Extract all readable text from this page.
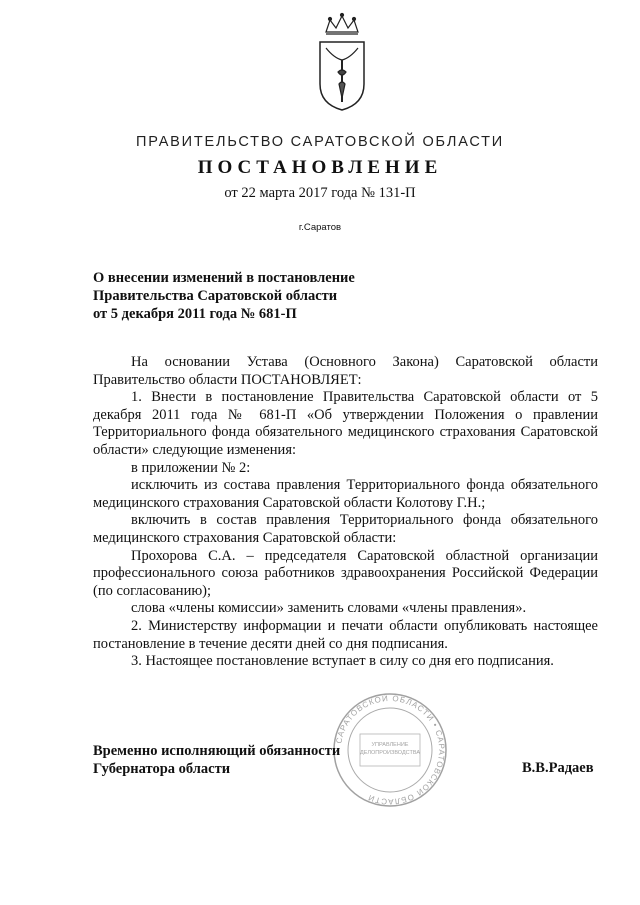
ПРАВИТЕЛЬСТВО САРАТОВСКОЙ ОБЛАСТИ
ПОСТАНОВЛЕНИЕ
от 22 марта 2017 года № 131-П
г.Саратов
О внесении изменений в постановление
Правительства Саратовской области
от 5 декабря 2011 года № 681-П

На основании Устава (Основного Закона) Саратовской области Правительство области ПОСТАНОВЛЯЕТ:

1. Внести в постановление Правительства Саратовской области от 5 декабря 2011 года № 681-П «Об утверждении Положения о правлении Территориального фонда обязательного медицинского страхования Саратовской области» следующие изменения:

в приложении № 2:

исключить из состава правления Территориального фонда обязательного медицинского страхования Саратовской области Колотову Г.Н.;

включить в состав правления Территориального фонда обязательного медицинского страхования Саратовской области:

Прохорова С.А. – председателя Саратовской областной организации профессионального союза работников здравоохранения Российской Федерации (по согласованию);

слова «члены комиссии» заменить словами «члены правления».

2. Министерству информации и печати области опубликовать настоящее постановление в течение десяти дней со дня подписания.

3. Настоящее постановление вступает в силу со дня его подписания.

УПРАВЛЕНИЕ
ДЕЛОПРОИЗВОДСТВА
САРАТОВСКОЙ ОБЛАСТИ • САРАТОВСКОЙ ОБЛАСТИ
Временно исполняющий обязанности
Губернатора области	В.В.Радаев
